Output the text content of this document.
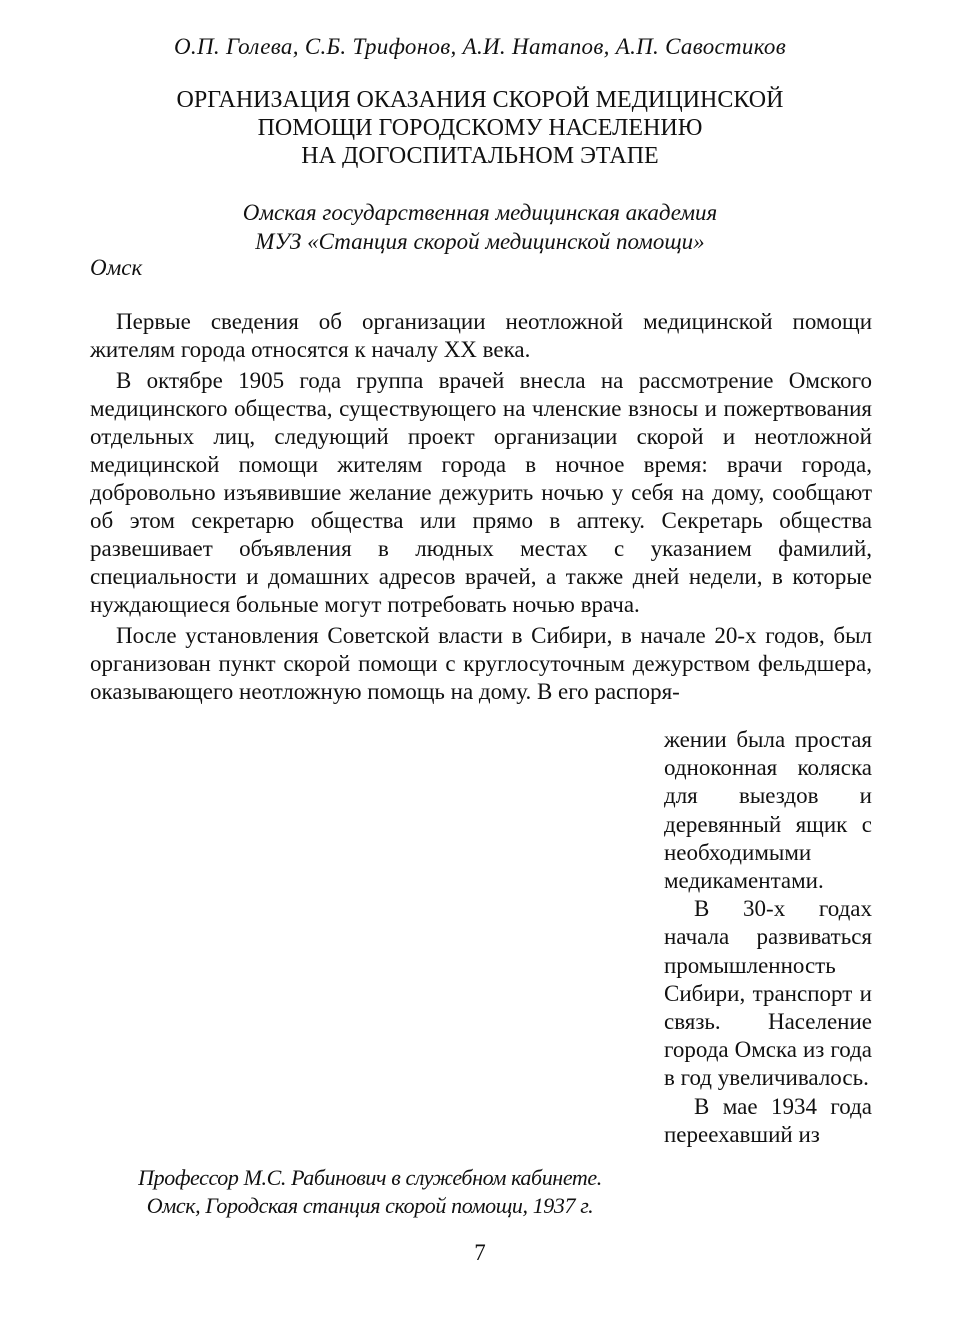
О.П. Голева, С.Б. Трифонов, А.И. Натапов, А.П. Савостиков
ОРГАНИЗАЦИЯ ОКАЗАНИЯ СКОРОЙ МЕДИЦИНСКОЙ
ПОМОЩИ ГОРОДСКОМУ НАСЕЛЕНИЮ
НА ДОГОСПИТАЛЬНОМ ЭТАПЕ
Омская государственная медицинская академия
МУЗ «Станция скорой медицинской помощи»
Омск

Первые сведения об организации неотложной медицинской помощи жителям города относятся к началу ХХ века.

В октябре 1905 года группа врачей внесла на рассмотрение Омского медицинского общества, существующего на членские взносы и пожертвования отдельных лиц, следующий проект организации скорой и неотложной медицинской помощи жителям города в ночное время: врачи города, добровольно изъявившие желание дежурить ночью у себя на дому, сообщают об этом секретарю общества или прямо в аптеку. Секретарь общества развешивает объявления в людных местах с указанием фамилий, специальности и домашних адресов врачей, а также дней недели, в которые нуждающиеся больные могут потребовать ночью врача.

После установления Советской власти в Сибири, в начале 20-х годов, был организован пункт скорой помощи с круглосуточным дежурством фельдшера, оказывающего неотложную помощь на дому. В его распоря-

жении была простая одноконная коляска для выездов и деревянный ящик с необходимыми медикаментами.

В 30-х годах начала развиваться промышленность Сибири, транспорт и связь. Население города Омска из года в год увеличивалось.

В мае 1934 года переехавший из

Профессор М.С. Рабинович в служебном кабинете.
Омск, Городская станция скорой помощи, 1937 г.
7
